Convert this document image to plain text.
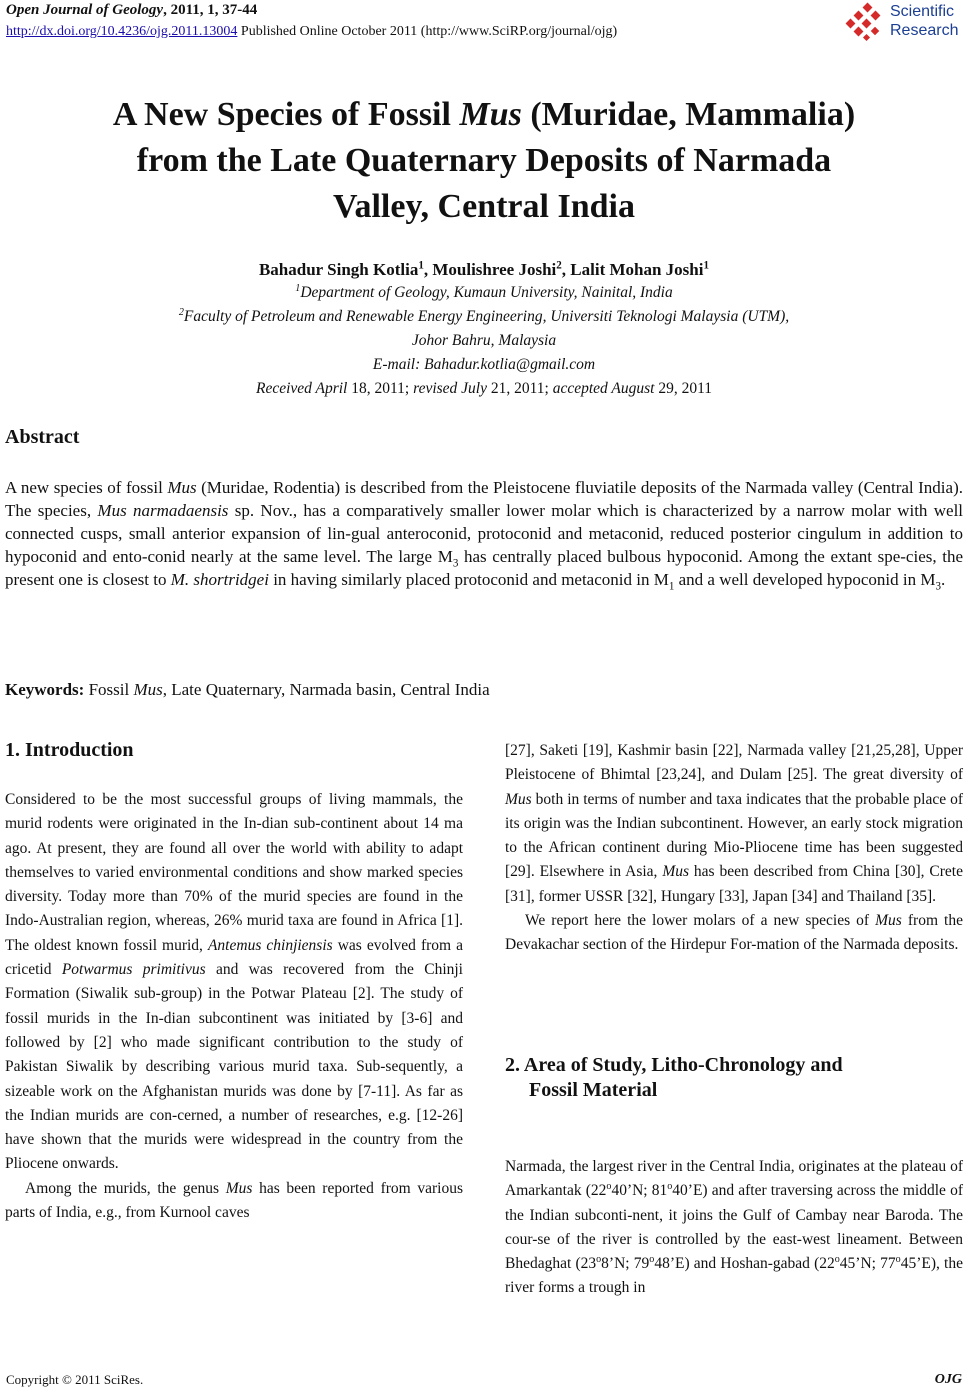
Open Journal of Geology, 2011, 1, 37-44
http://dx.doi.org/10.4236/ojg.2011.13004 Published Online October 2011 (http://www.SciRP.org/journal/ojg)
Scientific
Research
A New Species of Fossil Mus (Muridae, Mammalia)
from the Late Quaternary Deposits of Narmada
Valley, Central India
Bahadur Singh Kotlia$^1$, Moulishree Joshi$^2$, Lalit Mohan Joshi$^1$
$^1$Department of Geology, Kumaun University, Nainital, India
$^2$Faculty of Petroleum and Renewable Energy Engineering, Universiti Teknologi Malaysia (UTM),
Johor Bahru, Malaysia
E-mail: Bahadur.kotlia@gmail.com
Received April 18, 2011; revised July 21, 2011; accepted August 29, 2011
Abstract
A new species of fossil Mus (Muridae, Rodentia) is described from the Pleistocene fluviatile deposits of the Narmada valley (Central India). The species, Mus narmadaensis sp. Nov., has a comparatively smaller lower molar which is characterized by a narrow molar with well connected cusps, small anterior expansion of lin-gual anteroconid, protoconid and metaconid, reduced posterior cingulum in addition to hypoconid and ento-conid nearly at the same level. The large $M_3$ has centrally placed bulbous hypoconid. Among the extant spe-cies, the present one is closest to M. shortridgei in having similarly placed protoconid and metaconid in $M_1$ and a well developed hypoconid in $M_3$.
Keywords: Fossil Mus, Late Quaternary, Narmada basin, Central India
1. Introduction

Considered to be the most successful groups of living mammals, the murid rodents were originated in the In-dian sub-continent about 14 ma ago. At present, they are found all over the world with ability to adapt themselves to varied environmental conditions and show marked species diversity. Today more than 70% of the murid species are found in the Indo-Australian region, whereas, 26% murid taxa are found in Africa [1]. The oldest known fossil murid, Antemus chinjiensis was evolved from a cricetid Potwarmus primitivus and was recovered from the Chinji Formation (Siwalik sub-group) in the Potwar Plateau [2]. The study of fossil murids in the In-dian subcontinent was initiated by [3-6] and followed by [2] who made significant contribution to the study of Pakistan Siwalik by describing various murid taxa. Sub-sequently, a sizeable work on the Afghanistan murids was done by [7-11]. As far as the Indian murids are con-cerned, a number of researches, e.g. [12-26] have shown that the murids were widespread in the country from the Pliocene onwards.

Among the murids, the genus Mus has been reported from various parts of India, e.g., from Kurnool caves

[27], Saketi [19], Kashmir basin [22], Narmada valley [21,25,28], Upper Pleistocene of Bhimtal [23,24], and Dulam [25]. The great diversity of Mus both in terms of number and taxa indicates that the probable place of its origin was the Indian subcontinent. However, an early stock migration to the African continent during Mio-Pliocene time has been suggested [29]. Elsewhere in Asia, Mus has been described from China [30], Crete [31], former USSR [32], Hungary [33], Japan [34] and Thailand [35].

We report here the lower molars of a new species of Mus from the Devakachar section of the Hirdepur For-mation of the Narmada deposits.

2. Area of Study, Litho-Chronology and
Fossil Material

Narmada, the largest river in the Central India, originates at the plateau of Amarkantak (22$^o$40’N; 81$^o$40’E) and after traversing across the middle of the Indian subconti-nent, it joins the Gulf of Cambay near Baroda. The cour-se of the river is controlled by the east-west lineament. Between Bhedaghat (23$^o$8’N; 79$^o$48’E) and Hoshan-gabad (22$^o$45’N; 77$^o$45’E), the river forms a trough in

Copyright © 2011 SciRes.	OJG
